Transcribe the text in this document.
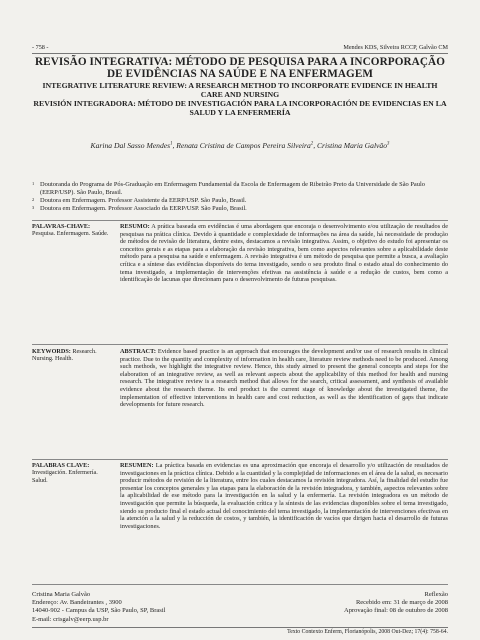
- 758 -	Mendes KDS, Silveira RCCP, Galvão CM
REVISÃO INTEGRATIVA: MÉTODO DE PESQUISA PARA A INCORPORAÇÃO DE EVIDÊNCIAS NA SAÚDE E NA ENFERMAGEM
INTEGRATIVE LITERATURE REVIEW: A RESEARCH METHOD TO INCORPORATE EVIDENCE IN HEALTH CARE AND NURSING
REVISIÓN INTEGRADORA: MÉTODO DE INVESTIGACIÓN PARA LA INCORPORACIÓN DE EVIDENCIAS EN LA SALUD Y LA ENFERMERÍA
Karina Dal Sasso Mendes$^1$, Renata Cristina de Campos Pereira Silveira$^2$, Cristina Maria Galvão$^3$
1 Doutoranda do Programa de Pós-Graduação em Enfermagem Fundamental da Escola de Enfermagem de Ribeirão Preto da Universidade de São Paulo (EERP/USP). São Paulo, Brasil.
2 Doutora em Enfermagem. Professor Assistente da EERP/USP. São Paulo, Brasil.
3 Doutora em Enfermagem. Professor Associado da EERP/USP. São Paulo, Brasil.
PALAVRAS-CHAVE: Pesquisa. Enfermagem. Saúde.
RESUMO: A prática baseada em evidências é uma abordagem que encoraja o desenvolvimento e/ou utilização de resultados de pesquisas na prática clínica. Devido à quantidade e complexidade de informações na área da saúde, há necessidade de produção de métodos de revisão de literatura, dentre estes, destacamos a revisão integrativa. Assim, o objetivo do estudo foi apresentar os conceitos gerais e as etapas para a elaboração da revisão integrativa, bem como aspectos relevantes sobre a aplicabilidade deste método para a pesquisa na saúde e enfermagem. A revisão integrativa é um método de pesquisa que permite a busca, a avaliação crítica e a síntese das evidências disponíveis do tema investigado, sendo o seu produto final o estado atual do conhecimento do tema investigado, a implementação de intervenções efetivas na assistência à saúde e a redução de custos, bem como a identificação de lacunas que direcionam para o desenvolvimento de futuras pesquisas.
KEYWORDS: Research. Nursing. Health.
ABSTRACT: Evidence based practice is an approach that encourages the development and/or use of research results in clinical practice. Due to the quantity and complexity of information in health care, literature review methods need to be produced. Among such methods, we highlight the integrative review. Hence, this study aimed to present the general concepts and steps for the elaboration of an integrative review, as well as relevant aspects about the applicability of this method for health and nursing research. The integrative review is a research method that allows for the search, critical assessment, and synthesis of available evidence about the research theme. Its end product is the current stage of knowledge about the investigated theme, the implementation of effective interventions in health care and cost reduction, as well as the identification of gaps that indicate developments for future research.
PALABRAS CLAVE: Investigación. Enfermería. Salud.
RESUMEN: La práctica basada en evidencias es una aproximación que encoraja el desarrollo y/o utilización de resultados de investigaciones en la práctica clínica. Debido a la cuantidad y la complejidad de informaciones en el área de la salud, es necesario producir métodos de revisión de la literatura, entre los cuales destacamos la revisión integradora. Así, la finalidad del estudio fue presentar los conceptos generales y las etapas para la elaboración de la revisión integradora, y también, aspectos relevantes sobre la aplicabilidad de ese método para la investigación en la salud y la enfermería. La revisión integradora es un método de investigación que permite la búsqueda, la evaluación crítica y la síntesis de las evidencias disponibles sobre el tema investigado, siendo su producto final el estado actual del conocimiento del tema investigado, la implementación de intervenciones efectivas en la atención a la salud y la reducción de costos, y también, la identificación de vacíos que dirigen hacia el desarrollo de futuras investigaciones.
Cristina Maria Galvão
Endereço: Av. Bandeirantes , 3900
14040-902 - Campus da USP, São Paulo, SP, Brasil
E-mail: crisgalv@eerp.usp.br
Reflexão
Recebido em: 31 de março de 2008
Aprovação final: 08 de outubro de 2008
Texto Contexto Enferm, Florianópolis, 2008 Out-Dez; 17(4): 758-64.
